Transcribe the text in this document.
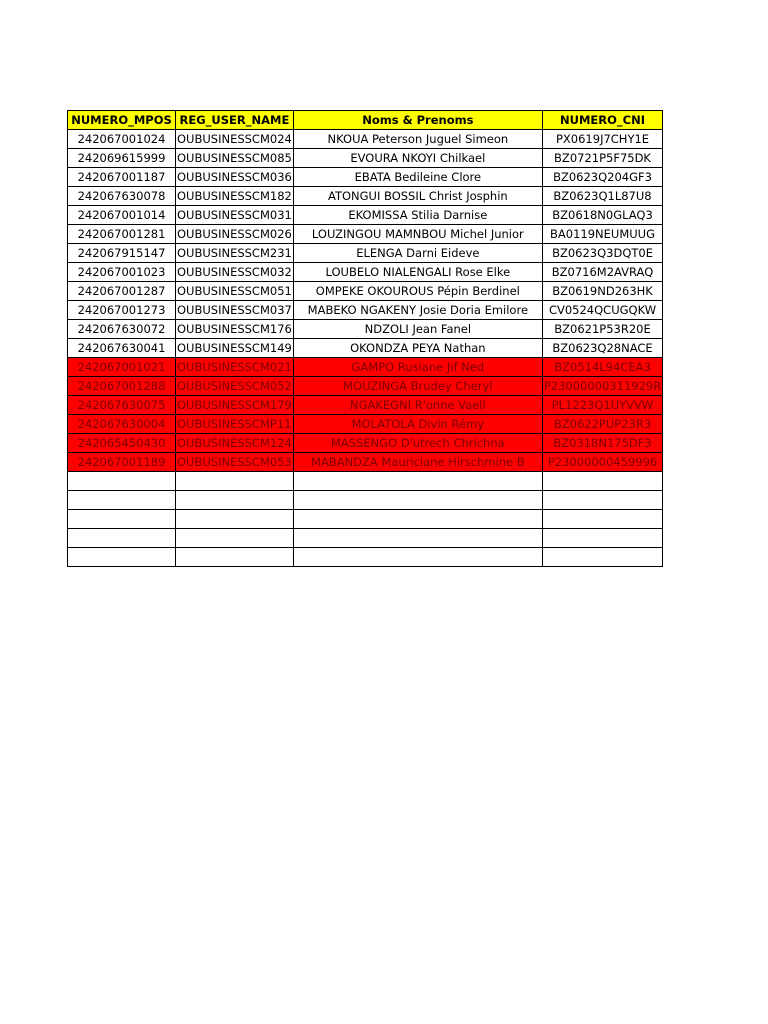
NUMERO_MPOS	REG_USER_NAME	Noms & Prenoms	NUMERO_CNI
242067001024	OUBUSINESSCM024	NKOUA Peterson Juguel Simeon	PX0619J7CHY1E
242069615999	OUBUSINESSCM085	EVOURA NKOYI Chilkael	BZ0721P5F75DK
242067001187	OUBUSINESSCM036	EBATA Bedileine Clore	BZ0623Q204GF3
242067630078	OUBUSINESSCM182	ATONGUI BOSSIL Christ Josphin	BZ0623Q1L87U8
242067001014	OUBUSINESSCM031	EKOMISSA Stilia Darnise	BZ0618N0GLAQ3
242067001281	OUBUSINESSCM026	LOUZINGOU MAMNBOU Michel Junior	BA0119NEUMUUG
242067915147	OUBUSINESSCM231	ELENGA Darni Eideve	BZ0623Q3DQT0E
242067001023	OUBUSINESSCM032	LOUBELO NIALENGALI Rose Elke	BZ0716M2AVRAQ
242067001287	OUBUSINESSCM051	OMPEKE OKOUROUS Pépin Berdinel	BZ0619ND263HK
242067001273	OUBUSINESSCM037	MABEKO NGAKENY Josie Doria Emilore	CV0524QCUGQKW
242067630072	OUBUSINESSCM176	NDZOLI Jean Fanel	BZ0621P53R20E
242067630041	OUBUSINESSCM149	OKONDZA PEYA Nathan	BZ0623Q28NACE
242067001021	OUBUSINESSCM021	GAMPO Rusiane Jif Ned	BZ0514L94CEA3
242067001288	OUBUSINESSCM052	MOUZINGA Brudey Cheryl	P23000000311929R
242067630075	OUBUSINESSCM179	NGAKEGNI R'onne Vaell	PL1223Q1UYVVW
242067630004	OUBUSINESSCMP11	MOLATOLA Divin Rémy	BZ0622PUP23R3
242065450430	OUBUSINESSCM124	MASSENGO D'utrech Chrichna	BZ0318N175DF3
242067001189	OUBUSINESSCM053	MABANDZA Mauriciane Hirschmine B	P23000000459996
